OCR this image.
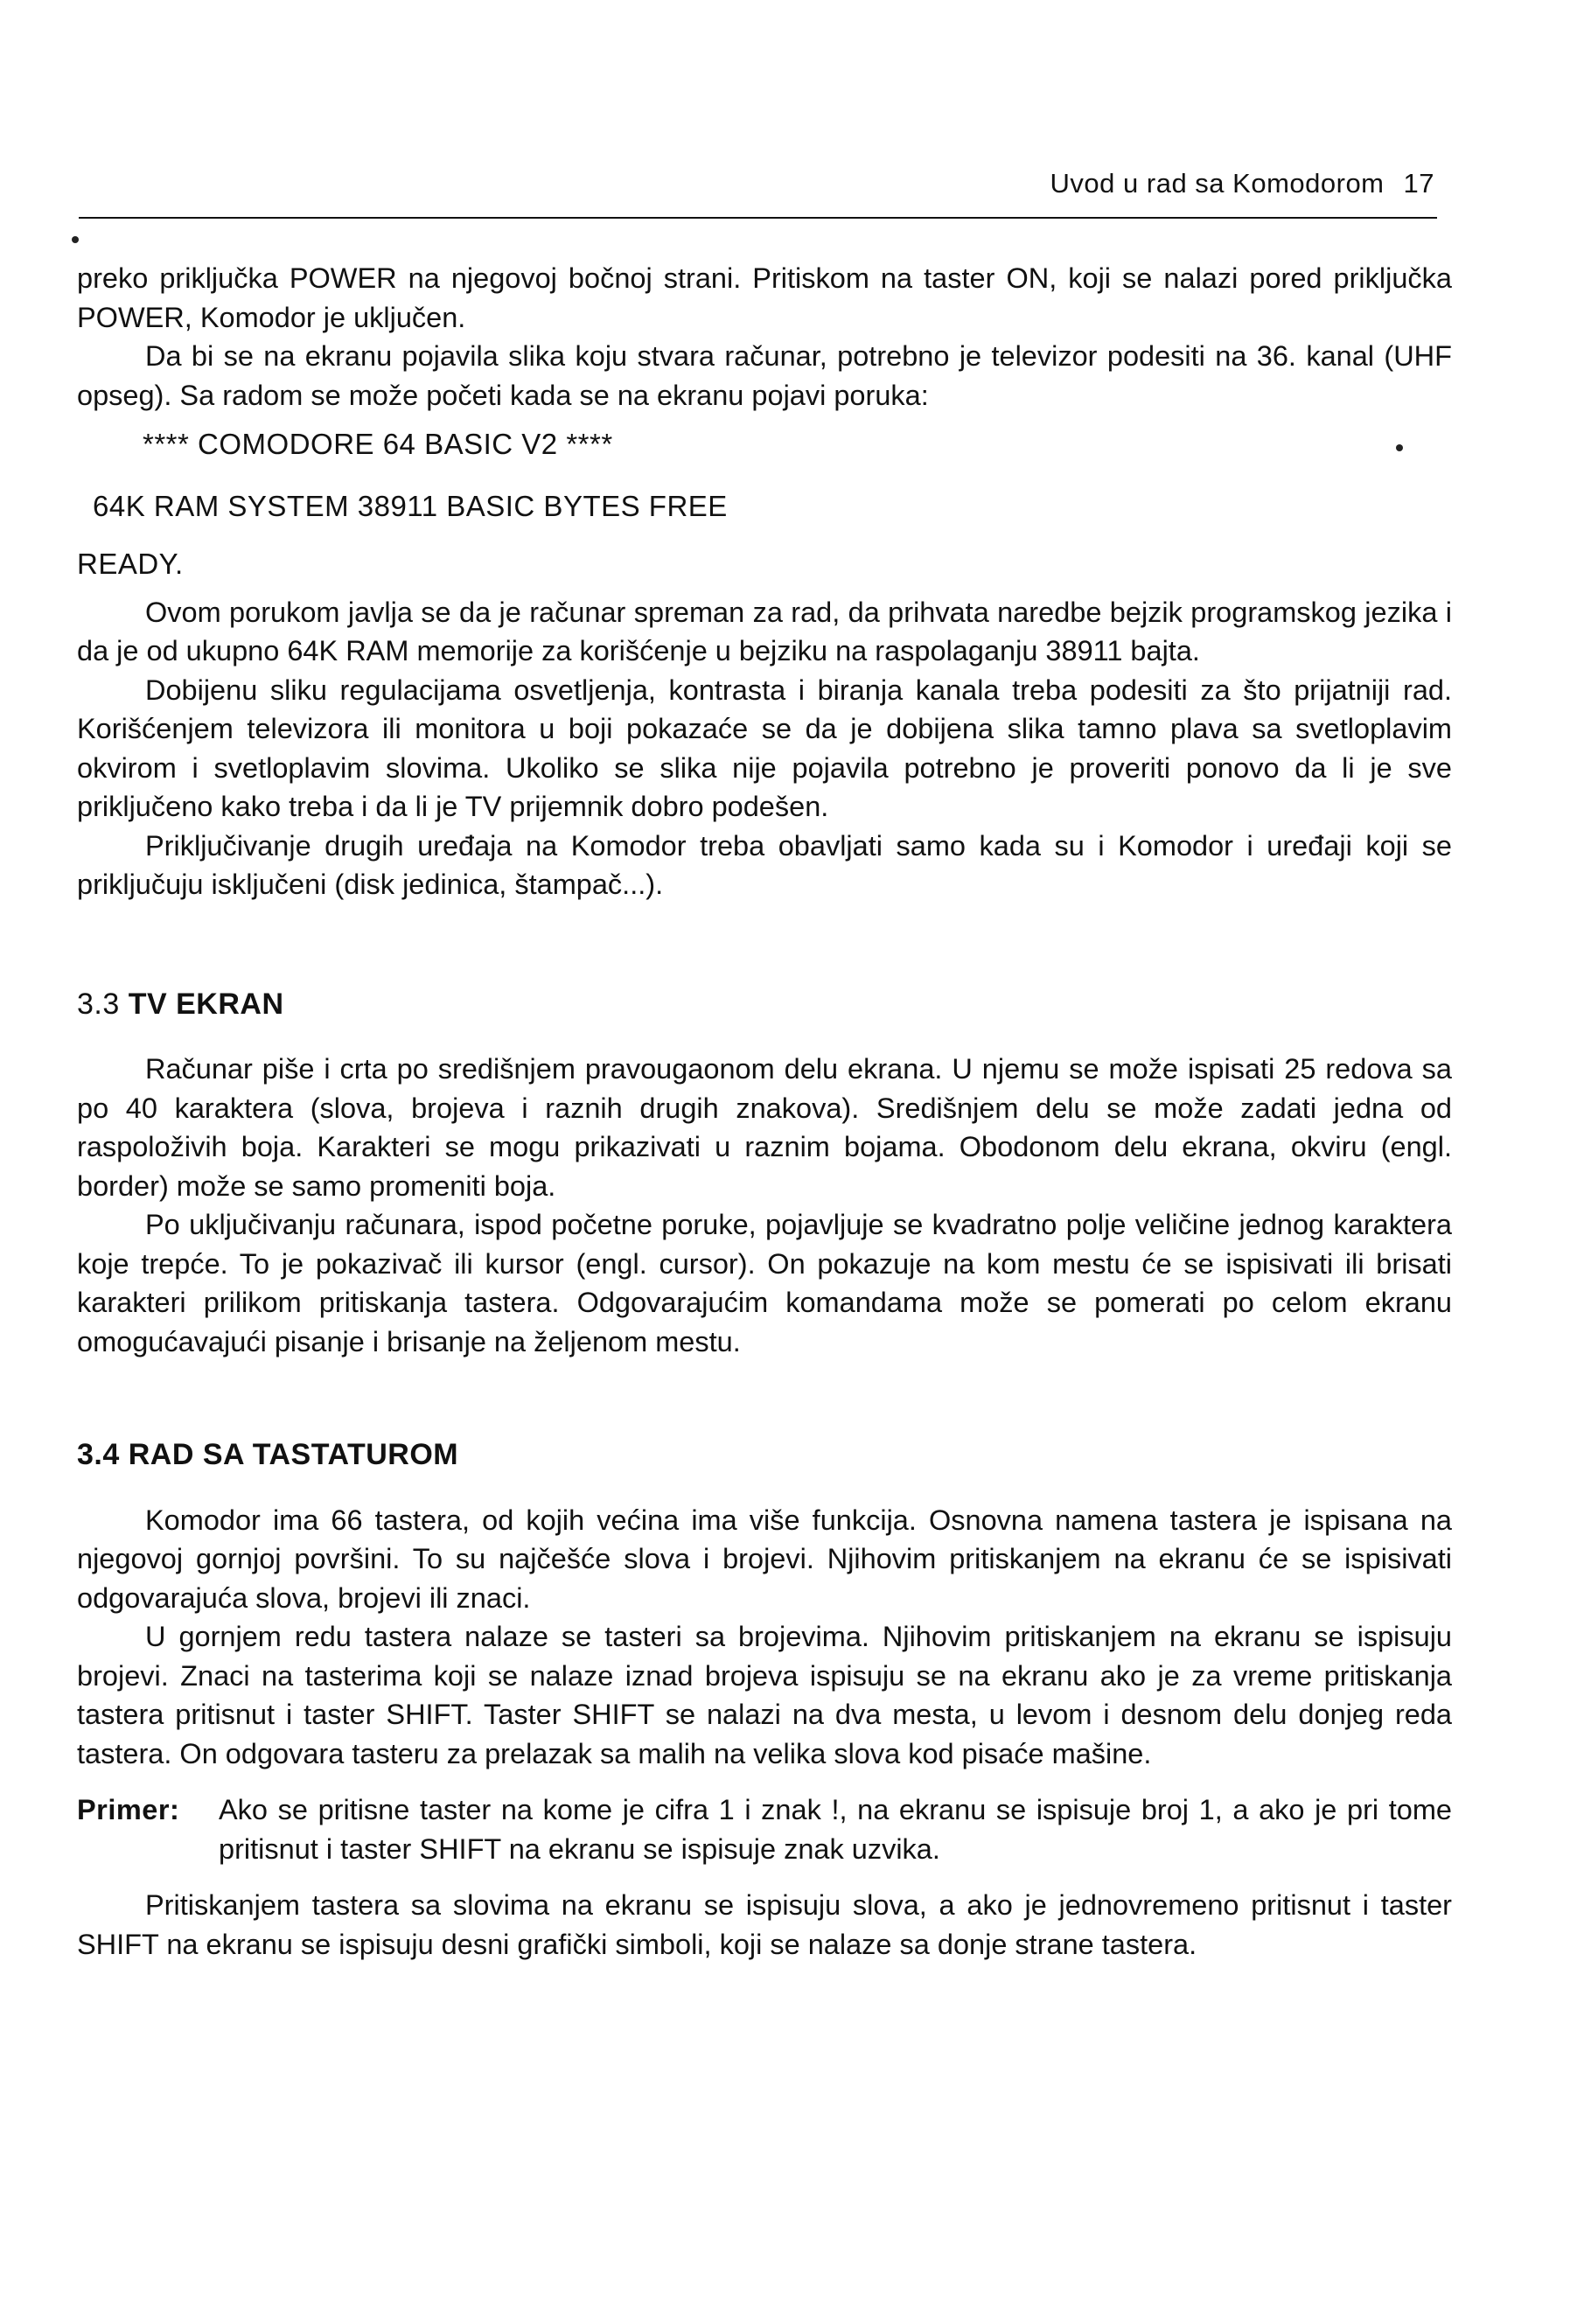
Uvod u rad sa Komodorom 17

preko priključka POWER na njegovoj bočnoj strani. Pritiskom na taster ON, koji se nalazi pored priključka POWER, Komodor je uključen.

Da bi se na ekranu pojavila slika koju stvara računar, potrebno je televizor podesiti na 36. kanal (UHF opseg). Sa radom se može početi kada se na ekranu pojavi poruka:

**** COMODORE 64 BASIC V2 ****
64K RAM SYSTEM 38911 BASIC BYTES FREE
READY.

Ovom porukom javlja se da je računar spreman za rad, da prihvata naredbe bejzik programskog jezika i da je od ukupno 64K RAM memorije za korišćenje u bejziku na raspolaganju 38911 bajta.

Dobijenu sliku regulacijama osvetljenja, kontrasta i biranja kanala treba podesiti za što prijatniji rad. Korišćenjem televizora ili monitora u boji pokazaće se da je dobijena slika tamno plava sa svetloplavim okvirom i svetloplavim slovima. Ukoliko se slika nije pojavila potrebno je proveriti ponovo da li je sve priključeno kako treba i da li je TV prijemnik dobro podešen.

Priključivanje drugih uređaja na Komodor treba obavljati samo kada su i Komodor i uređaji koji se priključuju isključeni (disk jedinica, štampač...).

3.3 TV EKRAN

Računar piše i crta po središnjem pravougaonom delu ekrana. U njemu se može ispisati 25 redova sa po 40 karaktera (slova, brojeva i raznih drugih znakova). Središnjem delu se može zadati jedna od raspoloživih boja. Karakteri se mogu prikazivati u raznim bojama. Obodonom delu ekrana, okviru (engl. border) može se samo promeniti boja.

Po uključivanju računara, ispod početne poruke, pojavljuje se kvadratno polje veličine jednog karaktera koje trepće. To je pokazivač ili kursor (engl. cursor). On pokazuje na kom mestu će se ispisivati ili brisati karakteri prilikom pritiskanja tastera. Odgovarajućim komandama može se pomerati po celom ekranu omogućavajući pisanje i brisanje na željenom mestu.

3.4 RAD SA TASTATUROM

Komodor ima 66 tastera, od kojih većina ima više funkcija. Osnovna namena tastera je ispisana na njegovoj gornjoj površini. To su najčešće slova i brojevi. Njihovim pritiskanjem na ekranu će se ispisivati odgovarajuća slova, brojevi ili znaci.

U gornjem redu tastera nalaze se tasteri sa brojevima. Njihovim pritiskanjem na ekranu se ispisuju brojevi. Znaci na tasterima koji se nalaze iznad brojeva ispisuju se na ekranu ako je za vreme pritiskanja tastera pritisnut i taster SHIFT. Taster SHIFT se nalazi na dva mesta, u levom i desnom delu donjeg reda tastera. On odgovara tasteru za prelazak sa malih na velika slova kod pisaće mašine.

Primer:	Ako se pritisne taster na kome je cifra 1 i znak !, na ekranu se ispisuje broj 1, a ako je pri tome pritisnut i taster SHIFT na ekranu se ispisuje znak uzvika.

Pritiskanjem tastera sa slovima na ekranu se ispisuju slova, a ako je jednovremeno pritisnut i taster SHIFT na ekranu se ispisuju desni grafički simboli, koji se nalaze sa donje strane tastera.
